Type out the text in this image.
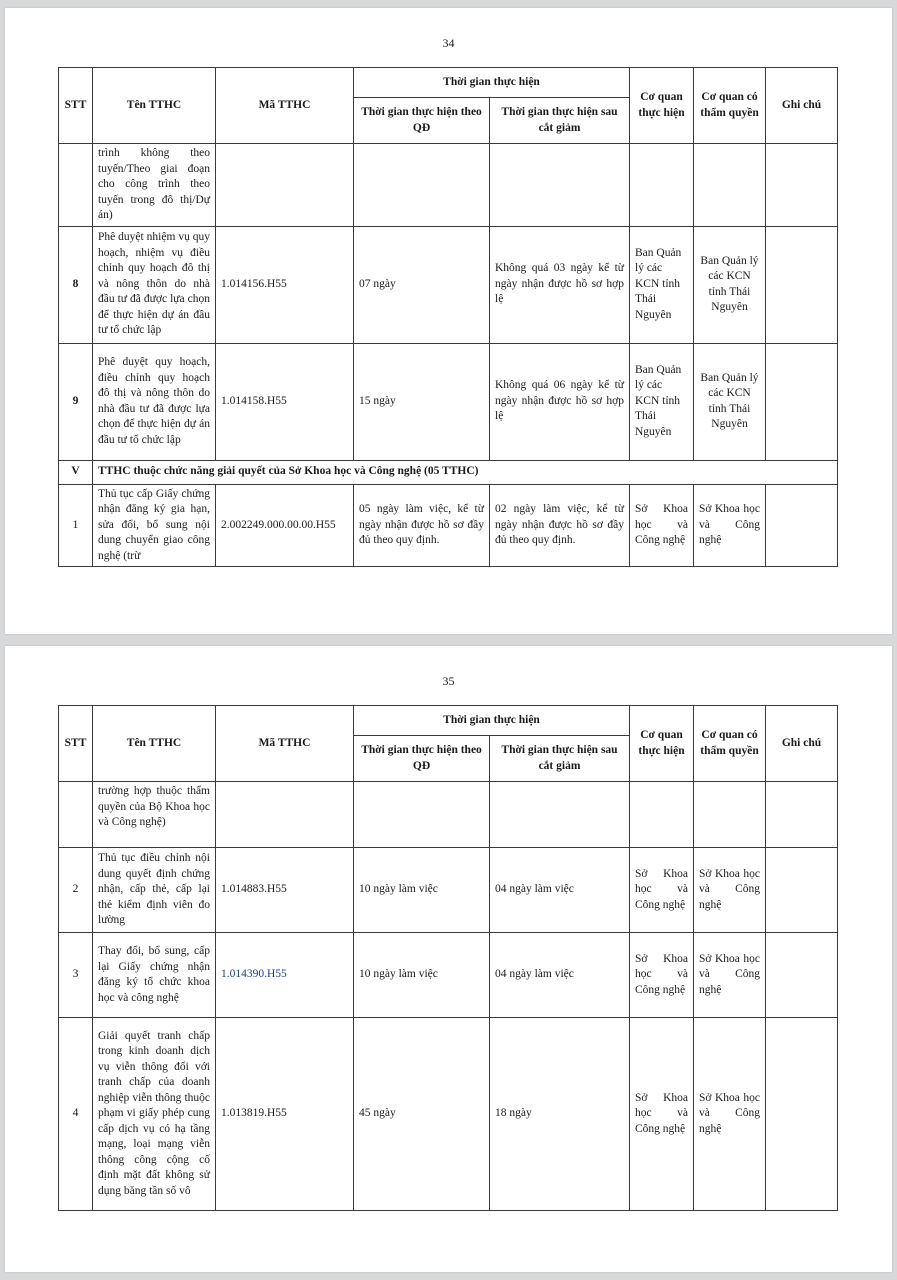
34
STT	Tên TTHC	Mã TTHC	Thời gian thực hiện		Cơ quan thực hiện	Cơ quan có thẩm quyền	Ghi chú
			Thời gian thực hiện theo QĐ	Thời gian thực hiện sau cắt giảm			
	trình không theo tuyến/Theo giai đoạn cho công trình theo tuyến trong đô thị/Dự án)						
8	Phê duyệt nhiệm vụ quy hoạch, nhiệm vụ điều chỉnh quy hoạch đô thị và nông thôn do nhà đầu tư đã được lựa chọn để thực hiện dự án đầu tư tổ chức lập	1.014156.H55	07 ngày	Không quá 03 ngày kể từ ngày nhận được hồ sơ hợp lệ	Ban Quản lý các KCN tỉnh Thái Nguyên	Ban Quản lý các KCN tỉnh Thái Nguyên	
9	Phê duyệt quy hoạch, điều chỉnh quy hoạch đô thị và nông thôn do nhà đầu tư đã được lựa chọn để thực hiện dự án đầu tư tổ chức lập	1.014158.H55	15 ngày	Không quá 06 ngày kể từ ngày nhận được hồ sơ hợp lệ	Ban Quản lý các KCN tỉnh Thái Nguyên	Ban Quản lý các KCN tỉnh Thái Nguyên	
V	TTHC thuộc chức năng giải quyết của Sở Khoa học và Công nghệ (05 TTHC)						
1	Thủ tục cấp Giấy chứng nhận đăng ký gia hạn, sửa đổi, bổ sung nội dung chuyển giao công nghệ (trừ	2.002249.000.00.00.H55	05 ngày làm việc, kể từ ngày nhận được hồ sơ đầy đủ theo quy định.	02 ngày làm việc, kể từ ngày nhận được hồ sơ đầy đủ theo quy định.	Sở Khoa học và Công nghệ	Sở Khoa học và Công nghệ	
35
STT	Tên TTHC	Mã TTHC	Thời gian thực hiện		Cơ quan thực hiện	Cơ quan có thẩm quyền	Ghi chú
			Thời gian thực hiện theo QĐ	Thời gian thực hiện sau cắt giảm			
	trường hợp thuộc thẩm quyền của Bộ Khoa học và Công nghệ)						
2	Thủ tục điều chỉnh nội dung quyết định chứng nhận, cấp thẻ, cấp lại thẻ kiểm định viên đo lường	1.014883.H55	10 ngày làm việc	04 ngày làm việc	Sở Khoa học và Công nghệ	Sở Khoa học và Công nghệ	
3	Thay đổi, bổ sung, cấp lại Giấy chứng nhận đăng ký tổ chức khoa học và công nghệ	1.014390.H55	10 ngày làm việc	04 ngày làm việc	Sở Khoa học và Công nghệ	Sở Khoa học và Công nghệ	
4	Giải quyết tranh chấp trong kinh doanh dịch vụ viễn thông đối với tranh chấp của doanh nghiệp viễn thông thuộc phạm vi giấy phép cung cấp dịch vụ có hạ tầng mạng, loại mạng viễn thông công cộng cố định mặt đất không sử dụng băng tần số vô	1.013819.H55	45 ngày	18 ngày	Sở Khoa học và Công nghệ	Sở Khoa học và Công nghệ	
